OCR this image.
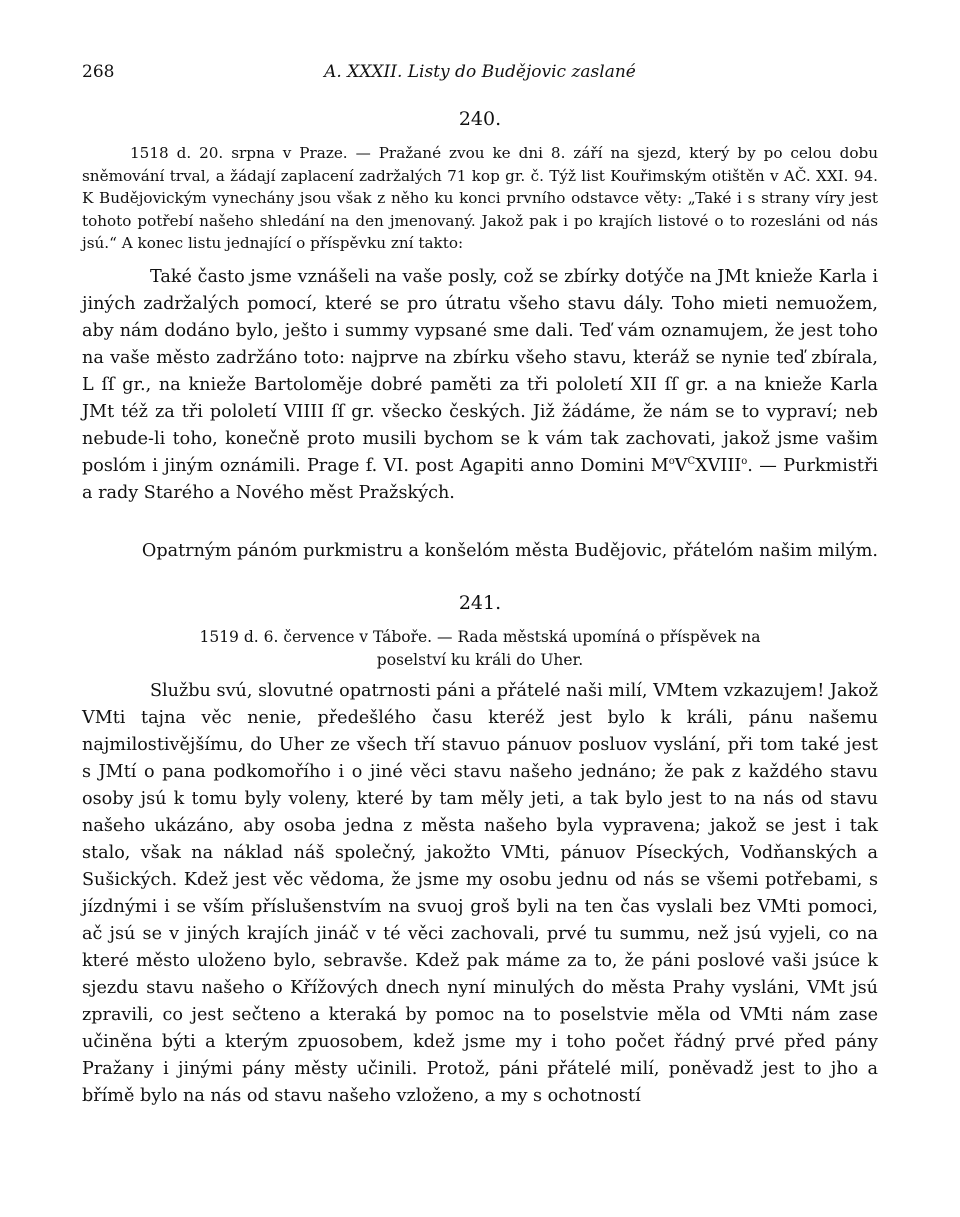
268	A. XXXII. Listy do Budějovic zaslané
240.

1518 d. 20. srpna v Praze. — Pražané zvou ke dni 8. září na sjezd, který by po celou dobu sněmování trval, a žádají zaplacení zadržalých 71 kop gr. č. Týž list Kouřimským otištěn v AČ. XXI. 94. K Budějovickým vynechány jsou však z něho ku konci prvního odstavce věty: „Také i s strany víry jest tohoto potřebí našeho shledání na den jmenovaný. Jakož pak i po krajích listové o to rozesláni od nás jsú.“ A konec listu jednající o příspěvku zní takto:

Také často jsme vznášeli na vaše posly, což se zbírky dotýče na JMt knieže Karla i jiných zadržalých pomocí, které se pro útratu všeho stavu dály. Toho mieti nemuožem, aby nám dodáno bylo, ješto i summy vypsané sme dali. Teď vám oznamujem, že jest toho na vaše město zadržáno toto: najprve na zbírku všeho stavu, kteráž se nynie teď zbírala, L ſſ gr., na knieže Bartoloměje dobré paměti za tři pololetí XII ſſ gr. a na knieže Karla JMt též za tři pololetí VIIII ſſ gr. všecko českých. Již žádáme, že nám se to vypraví; neb nebude-li toho, konečně proto musili bychom se k vám tak zachovati, jakož jsme vašim poslóm i jiným oznámili. Prage f. VI. post Agapiti anno Domini $M^oV^CXVIII^o$. — Purkmistři a rady Starého a Nového měst Pražských.

Opatrným pánóm purkmistru a konšelóm města Budějovic, přátelóm našim milým.
241.
1519 d. 6. července v Táboře. — Rada městská upomíná o příspěvek na poselství ku králi do Uher.

Službu svú, slovutné opatrnosti páni a přátelé naši milí, VMtem vzkazujem! Jakož VMti tajna věc nenie, předešlého času kteréž jest bylo k králi, pánu našemu najmilostivějšímu, do Uher ze všech tří stavuo pánuov posluov vyslání, při tom také jest s JMtí o pana podkomořího i o jiné věci stavu našeho jednáno; že pak z každého stavu osoby jsú k tomu byly voleny, které by tam měly jeti, a tak bylo jest to na nás od stavu našeho ukázáno, aby osoba jedna z města našeho byla vypravena; jakož se jest i tak stalo, však na náklad náš společný, jakožto VMti, pánuov Píseckých, Vodňanských a Sušických. Kdež jest věc vědoma, že jsme my osobu jednu od nás se všemi potřebami, s jízdnými i se vším příslušenstvím na svuoj groš byli na ten čas vyslali bez VMti pomoci, ač jsú se v jiných krajích jináč v té věci zachovali, prvé tu summu, než jsú vyjeli, co na které město uloženo bylo, sebravše. Kdež pak máme za to, že páni poslové vaši jsúce k sjezdu stavu našeho o Křížových dnech nyní minulých do města Prahy vysláni, VMt jsú zpravili, co jest sečteno a kteraká by pomoc na to poselstvie měla od VMti nám zase učiněna býti a kterým zpuosobem, kdež jsme my i toho počet řádný prvé před pány Pražany i jinými pány městy učinili. Protož, páni přátelé milí, poněvadž jest to jho a břímě bylo na nás od stavu našeho vzloženo, a my s ochotností
